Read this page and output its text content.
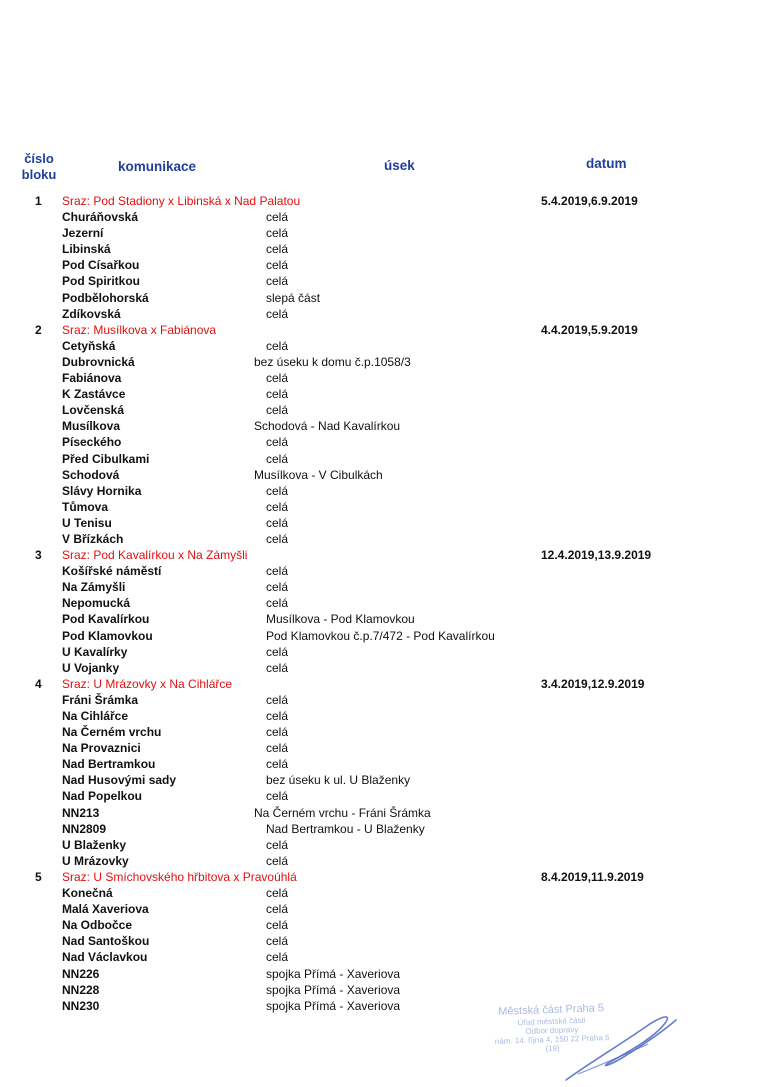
číslo
bloku
komunikace	úsek	datum
1 Sraz: Pod Stadiony x Libinská x Nad Palatou	5.4.2019,6.9.2019
Churáňovská	celá
Jezerní	celá
Libinská	celá
Pod Císařkou	celá
Pod Spiritkou	celá
Podbělohorská	slepá část
Zdíkovská	celá
2 Sraz: Musílkova x Fabiánova	4.4.2019,5.9.2019
Cetyňská	celá
Dubrovnická	bez úseku k domu č.p.1058/3
Fabiánova	celá
K Zastávce	celá
Lovčenská	celá
Musílkova	Schodová - Nad Kavalírkou
Píseckého	celá
Před Cibulkami	celá
Schodová	Musílkova - V Cibulkách
Slávy Hornika	celá
Tůmova	celá
U Tenisu	celá
V Břízkách	celá
3 Sraz: Pod Kavalírkou x Na Zámyšli	12.4.2019,13.9.2019
Košířské náměstí	celá
Na Zámyšli	celá
Nepomucká	celá
Pod Kavalírkou	Musílkova - Pod Klamovkou
Pod Klamovkou	Pod Klamovkou č.p.7/472 - Pod Kavalírkou
U Kavalírky	celá
U Vojanky	celá
4 Sraz: U Mrázovky x Na Cihlářce	3.4.2019,12.9.2019
Fráni Šrámka	celá
Na Cihlářce	celá
Na Černém vrchu	celá
Na Provaznici	celá
Nad Bertramkou	celá
Nad Husovými sady	bez úseku k ul. U Blaženky
Nad Popelkou	celá
NN213	Na Černém vrchu - Fráni Šrámka
NN2809	Nad Bertramkou - U Blaženky
U Blaženky	celá
U Mrázovky	celá
5 Sraz: U Smíchovského hřbitova x Pravoúhlá	8.4.2019,11.9.2019
Konečná	celá
Malá Xaveriova	celá
Na Odbočce	celá
Nad Santoškou	celá
Nad Václavkou	celá
NN226	spojka Přímá - Xaveriova
NN228	spojka Přímá - Xaveriova
NN230	spojka Přímá - Xaveriova	Městská část Praha 5
Úřad městské části
Odbor dopravy
nám. 14. října 4, 150 22 Praha 5
(19)
